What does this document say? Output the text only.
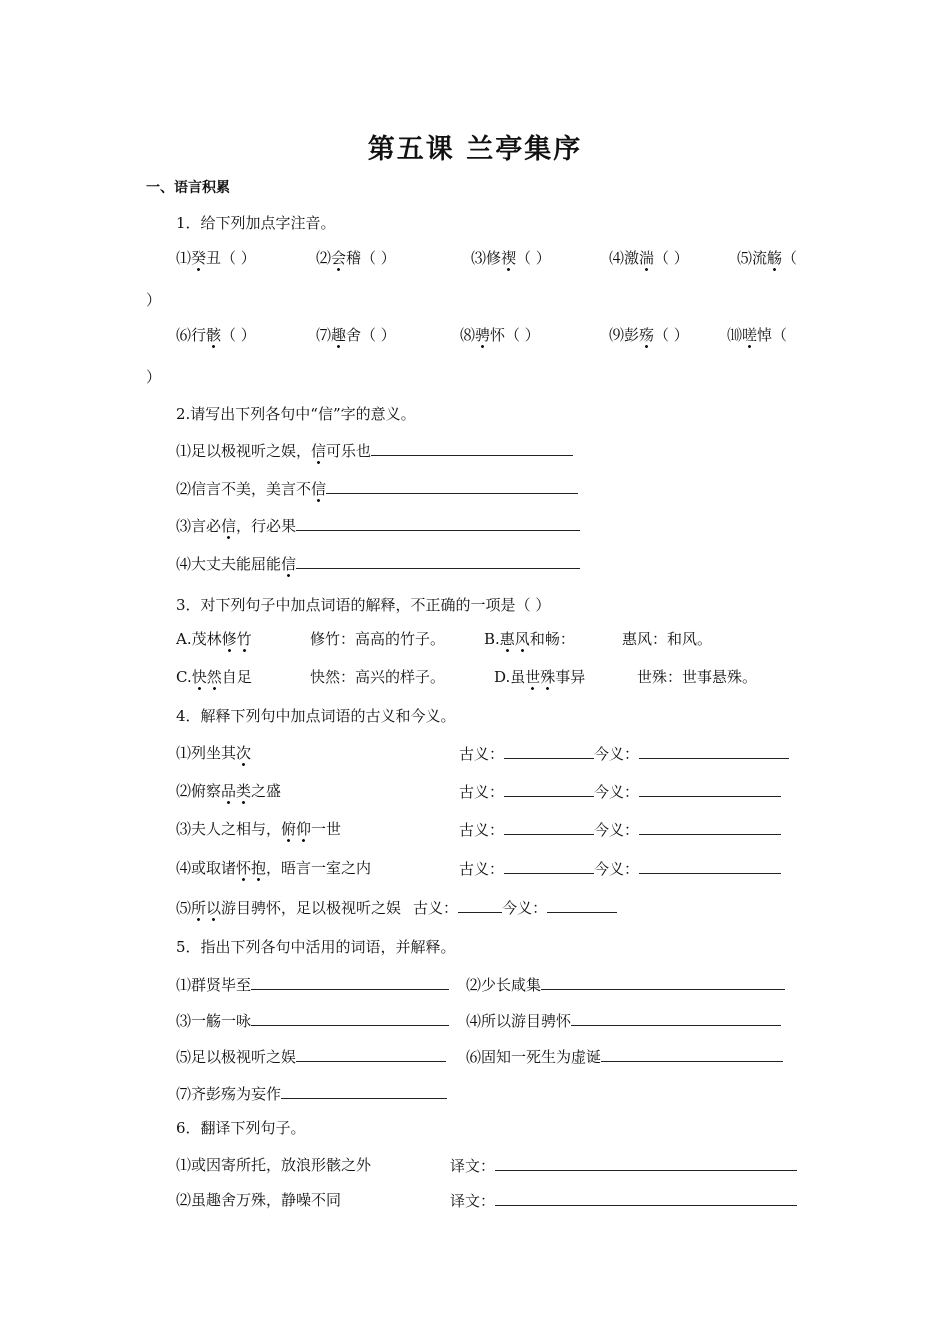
第五课 兰亭集序
一、语言积累
1．给下列加点字注音。
⑴癸丑（ ）	⑵会稽（ ）	⑶修禊（ ）	⑷激湍（ ）	⑸流觞（
）
⑹行骸（ ）	⑺趣舍（ ）	⑻骋怀（ ）	⑼彭殇（ ）	⑽嗟悼（
）
2.请写出下列各句中“信”字的意义。
⑴足以极视听之娱，信可乐也
⑵信言不美，美言不信
⑶言必信，行必果
⑷大丈夫能屈能信
3．对下列句子中加点词语的解释，不正确的一项是（ ）
A.茂林修竹	修竹：高高的竹子。	B.惠风和畅：	惠风：和风。
C.快然自足	快然：高兴的样子。	D.虽世殊事异	世殊：世事悬殊。
4．解释下列句中加点词语的古义和今义。
⑴列坐其次	古义：	今义：
⑵俯察品类之盛	古义：	今义：
⑶夫人之相与，俯仰一世	古义：	今义：
⑷或取诸怀抱，晤言一室之内	古义：	今义：
⑸所以游目骋怀，足以极视听之娱 古义：	今义：
5．指出下列各句中活用的词语，并解释。
⑴群贤毕至	⑵少长咸集
⑶一觞一咏	⑷所以游目骋怀
⑸足以极视听之娱	⑹固知一死生为虚诞
⑺齐彭殇为妄作
6．翻译下列句子。
⑴或因寄所托，放浪形骸之外	译文：
⑵虽趣舍万殊，静噪不同	译文：
